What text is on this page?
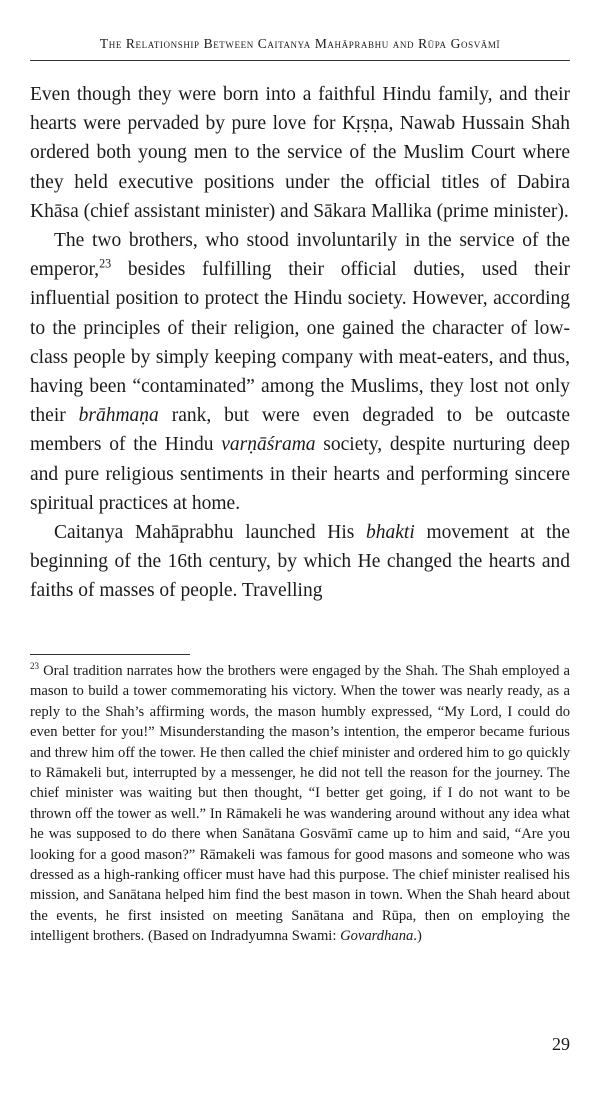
The Relationship Between Caitanya Mahāprabhu and Rūpa Gosvāmī

Even though they were born into a faithful Hindu family, and their hearts were pervaded by pure love for Kṛṣṇa, Nawab Hussain Shah ordered both young men to the service of the Muslim Court where they held executive positions under the official titles of Dabira Khāsa (chief assistant minister) and Sākara Mallika (prime minister).

The two brothers, who stood involuntarily in the service of the emperor,$^{23}$ besides fulfilling their official duties, used their influential position to protect the Hindu society. However, according to the principles of their religion, one gained the character of low-class people by simply keeping company with meat-eaters, and thus, having been “contaminated” among the Muslims, they lost not only their brāhmaṇa rank, but were even degraded to be outcaste members of the Hindu varṇāśrama society, despite nurturing deep and pure religious sentiments in their hearts and performing sincere spiritual practices at home.

Caitanya Mahāprabhu launched His bhakti movement at the beginning of the 16th century, by which He changed the hearts and faiths of masses of people. Travelling

$^{23}$ Oral tradition narrates how the brothers were engaged by the Shah. The Shah employed a mason to build a tower commemorating his victory. When the tower was nearly ready, as a reply to the Shah’s affirming words, the mason humbly expressed, “My Lord, I could do even better for you!” Misunderstanding the mason’s intention, the emperor became furious and threw him off the tower. He then called the chief minister and ordered him to go quickly to Rāmakeli but, interrupted by a messenger, he did not tell the reason for the journey. The chief minister was waiting but then thought, “I better get going, if I do not want to be thrown off the tower as well.” In Rāmakeli he was wandering around without any idea what he was supposed to do there when Sanātana Gosvāmī came up to him and said, “Are you looking for a good mason?” Rāmakeli was famous for good masons and someone who was dressed as a high-ranking officer must have had this purpose. The chief minister realised his mission, and Sanātana helped him find the best mason in town. When the Shah heard about the events, he first insisted on meeting Sanātana and Rūpa, then on employing the intelligent brothers. (Based on Indradyumna Swami: Govardhana.)

29
